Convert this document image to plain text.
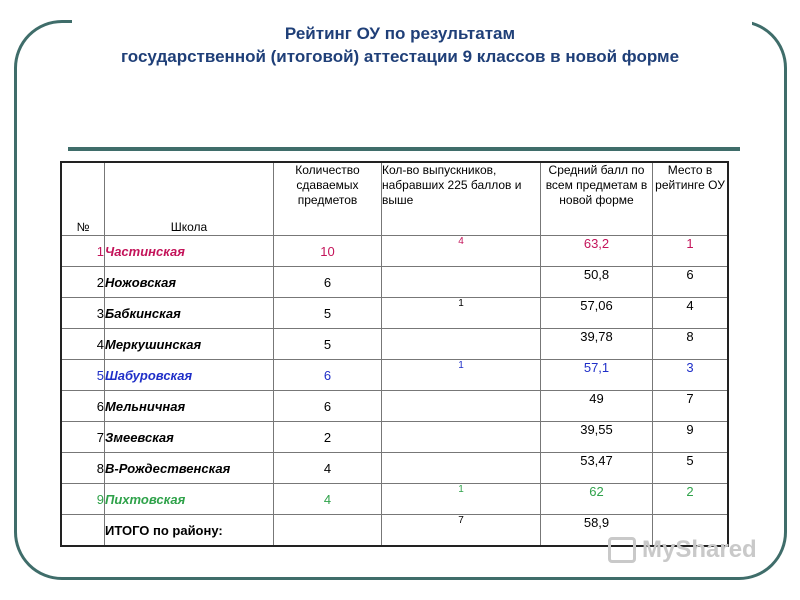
Рейтинг ОУ по результатам
государственной (итоговой) аттестации 9 классов в новой форме
№	Школа	Количество сдаваемых предметов	Кол-во выпускников, набравших 225 баллов и выше	Средний балл по всем предметам в новой форме	Место в рейтинге ОУ
1	Частинская	10	4	63,2	1
2	Ножовская	6		50,8	6
3	Бабкинская	5	1	57,06	4
4	Меркушинская	5		39,78	8
5	Шабуровская	6	1	57,1	3
6	Мельничная	6		49	7
7	Змеевская	2		39,55	9
8	В-Рождественская	4		53,47	5
9	Пихтовская	4	1	62	2
	ИТОГО по району:		7	58,9	
MyShared
